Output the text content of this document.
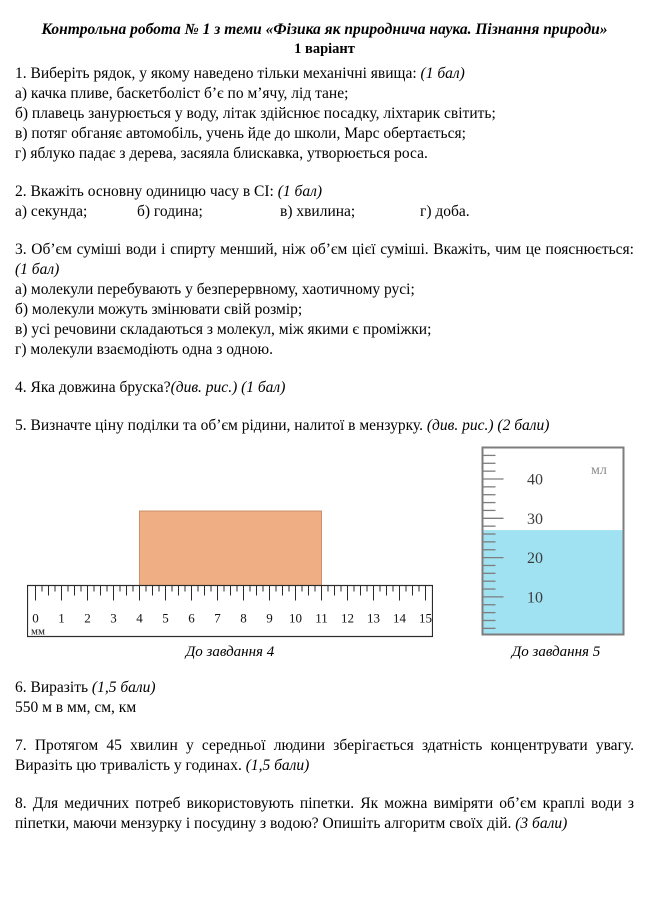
Контрольна робота № 1 з теми «Фізика як природнича наука. Пізнання природи»
1 варіант

1. Виберіть рядок, у якому наведено тільки механічні явища: (1 бал)

а) качка пливе, баскетболіст б’є по м’ячу, лід тане;

б) плавець занурюється у воду, літак здійснює посадку, ліхтарик світить;

в) потяг обганяє автомобіль, учень йде до школи, Марс обертається;

г) яблуко падає з дерева, засяяла блискавка, утворюється роса.

2. Вкажіть основну одиницю часу в СІ: (1 бал)

а) секунда;	б) година;	в) хвилина;	г) доба.

3. Об’єм суміші води і спирту менший, ніж об’єм цієї суміші. Вкажіть, чим це пояснюється: (1 бал)

а) молекули перебувають у безперервному, хаотичному русі;

б) молекули можуть змінювати свій розмір;

в) усі речовини складаються з молекул, між якими є проміжки;

г) молекули взаємодіють одна з одною.

4. Яка довжина бруска?(див. рис.) (1 бал)

5. Визначте ціну поділки та об’єм рідини, налитої в мензурку. (див. рис.) (2 бали)

0 1 2 3 4 5 6 7 8 9 10 11 12 13 14 15
мм
До завдання 4
40
30
20
10
мл
До завдання 5

6. Виразіть (1,5 бали)

550 м в мм, см, км

7. Протягом 45 хвилин у середньої людини зберігається здатність концентрувати увагу. Виразіть цю тривалість у годинах. (1,5 бали)

8. Для медичних потреб використовують піпетки. Як можна виміряти об’єм краплі води з піпетки, маючи мензурку і посудину з водою? Опишіть алгоритм своїх дій. (3 бали)
